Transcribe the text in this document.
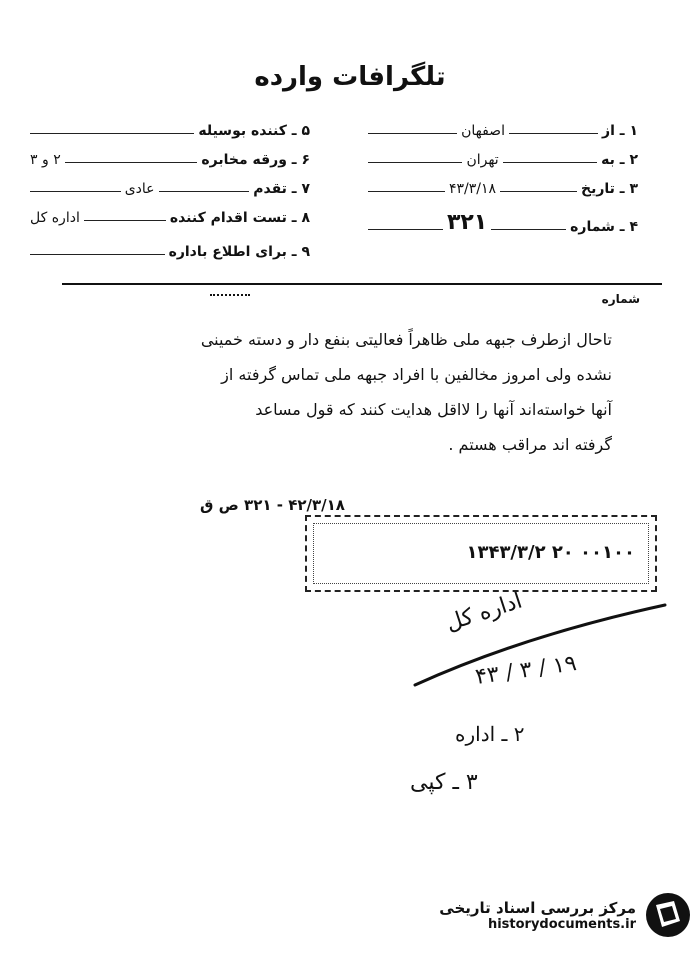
تلگرافات وارده
۱ ـ از
اصفهان
۲ ـ به
تهران
۳ ـ تاریخ
۴۳/۳/۱۸
۴ ـ شماره
۳۲۱
۵ ـ کننده بوسیله
۶ ـ ورقه مخابره
۲ و ۳
۷ ـ تقدم
عادی
۸ ـ تست اقدام کننده
اداره کل
۹ ـ برای اطلاع باداره
شماره
تاحال ازطرف جبهه ملی ظاهراً فعالیتی بنفع دار و دسته خمینی
نشده ولی امروز مخالفین با افراد جبهه ملی تماس گرفته از
آنها خواسته‌اند آنها را لااقل هدایت کنند که قول مساعد
گرفته اند مراقب هستم .
۴۲/۳/۱۸ - ۳۲۱ ص ق
۱۳۴۳/۳/۲ ۲۰ ۰۰۱۰۰
اداره کل
۱۹ / ۳ / ۴۳
۲ ـ اداره
۳ ـ کپی
مرکز بررسی اسناد تاریخی
historydocuments.ir
